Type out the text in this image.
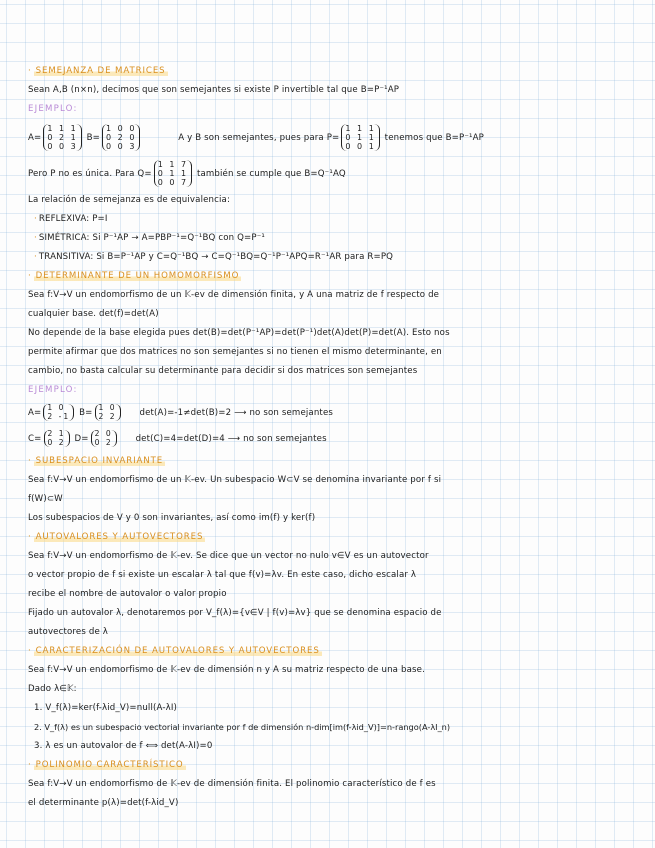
· SEMEJANZA DE MATRICES
Sean A,B (n×n), decimos que son semejantes si existe P invertible tal que B=P⁻¹AP
EJEMPLO:
A=
1 1 1
0 2 1
0 0 3
B=
1 0 0
0 2 0
0 0 3
A y B son semejantes, pues para P=
1 1 1
0 1 1
0 0 1
tenemos que B=P⁻¹AP
Pero P no es única. Para Q=
1 1 7
0 1 1
0 0 7
también se cumple que B=Q⁻¹AQ
La relación de semejanza es de equivalencia:
· REFLEXIVA: P=I
· SIMÉTRICA: Si P⁻¹AP → A=PBP⁻¹=Q⁻¹BQ con Q=P⁻¹
· TRANSITIVA: Si B=P⁻¹AP y C=Q⁻¹BQ → C=Q⁻¹BQ=Q⁻¹P⁻¹APQ=R⁻¹AR para R=PQ
· DETERMINANTE DE UN HOMOMORFISMO
Sea f:V→V un endomorfismo de un 𝕂-ev de dimensión finita, y A una matriz de f respecto de
cualquier base. det(f)=det(A)
No depende de la base elegida pues det(B)=det(P⁻¹AP)=det(P⁻¹)det(A)det(P)=det(A). Esto nos
permite afirmar que dos matrices no son semejantes si no tienen el mismo determinante, en
cambio, no basta calcular su determinante para decidir si dos matrices son semejantes
EJEMPLO:
A=
1 0
2 -1 B=
1 0
2 2	det(A)=-1≠det(B)=2 ⟶ no son semejantes
C=
2 1
0 2 D=
2 0
0 2	det(C)=4=det(D)=4 ⟶ no son semejantes
· SUBESPACIO INVARIANTE
Sea f:V→V un endomorfismo de un 𝕂-ev. Un subespacio W⊂V se denomina invariante por f si
f(W)⊂W
Los subespacios de V y 0 son invariantes, así como im(f) y ker(f)
· AUTOVALORES Y AUTOVECTORES
Sea f:V→V un endomorfismo de 𝕂-ev. Se dice que un vector no nulo v∈V es un autovector
o vector propio de f si existe un escalar λ tal que f(v)=λv. En este caso, dicho escalar λ
recibe el nombre de autovalor o valor propio
Fijado un autovalor λ, denotaremos por V_f(λ)={v∈V | f(v)=λv} que se denomina espacio de
autovectores de λ
· CARACTERIZACIÓN DE AUTOVALORES Y AUTOVECTORES
Sea f:V→V un endomorfismo de 𝕂-ev de dimensión n y A su matriz respecto de una base.
Dado λ∈𝕂:
1. V_f(λ)=ker(f-λid_V)=null(A-λI)
2. V_f(λ) es un subespacio vectorial invariante por f de dimensión n-dim[im(f-λid_V)]=n-rango(A-λI_n)
3. λ es un autovalor de f ⟺ det(A-λI)=0
· POLINOMIO CARACTERÍSTICO
Sea f:V→V un endomorfismo de 𝕂-ev de dimensión finita. El polinomio característico de f es
el determinante p(λ)=det(f-λid_V)
